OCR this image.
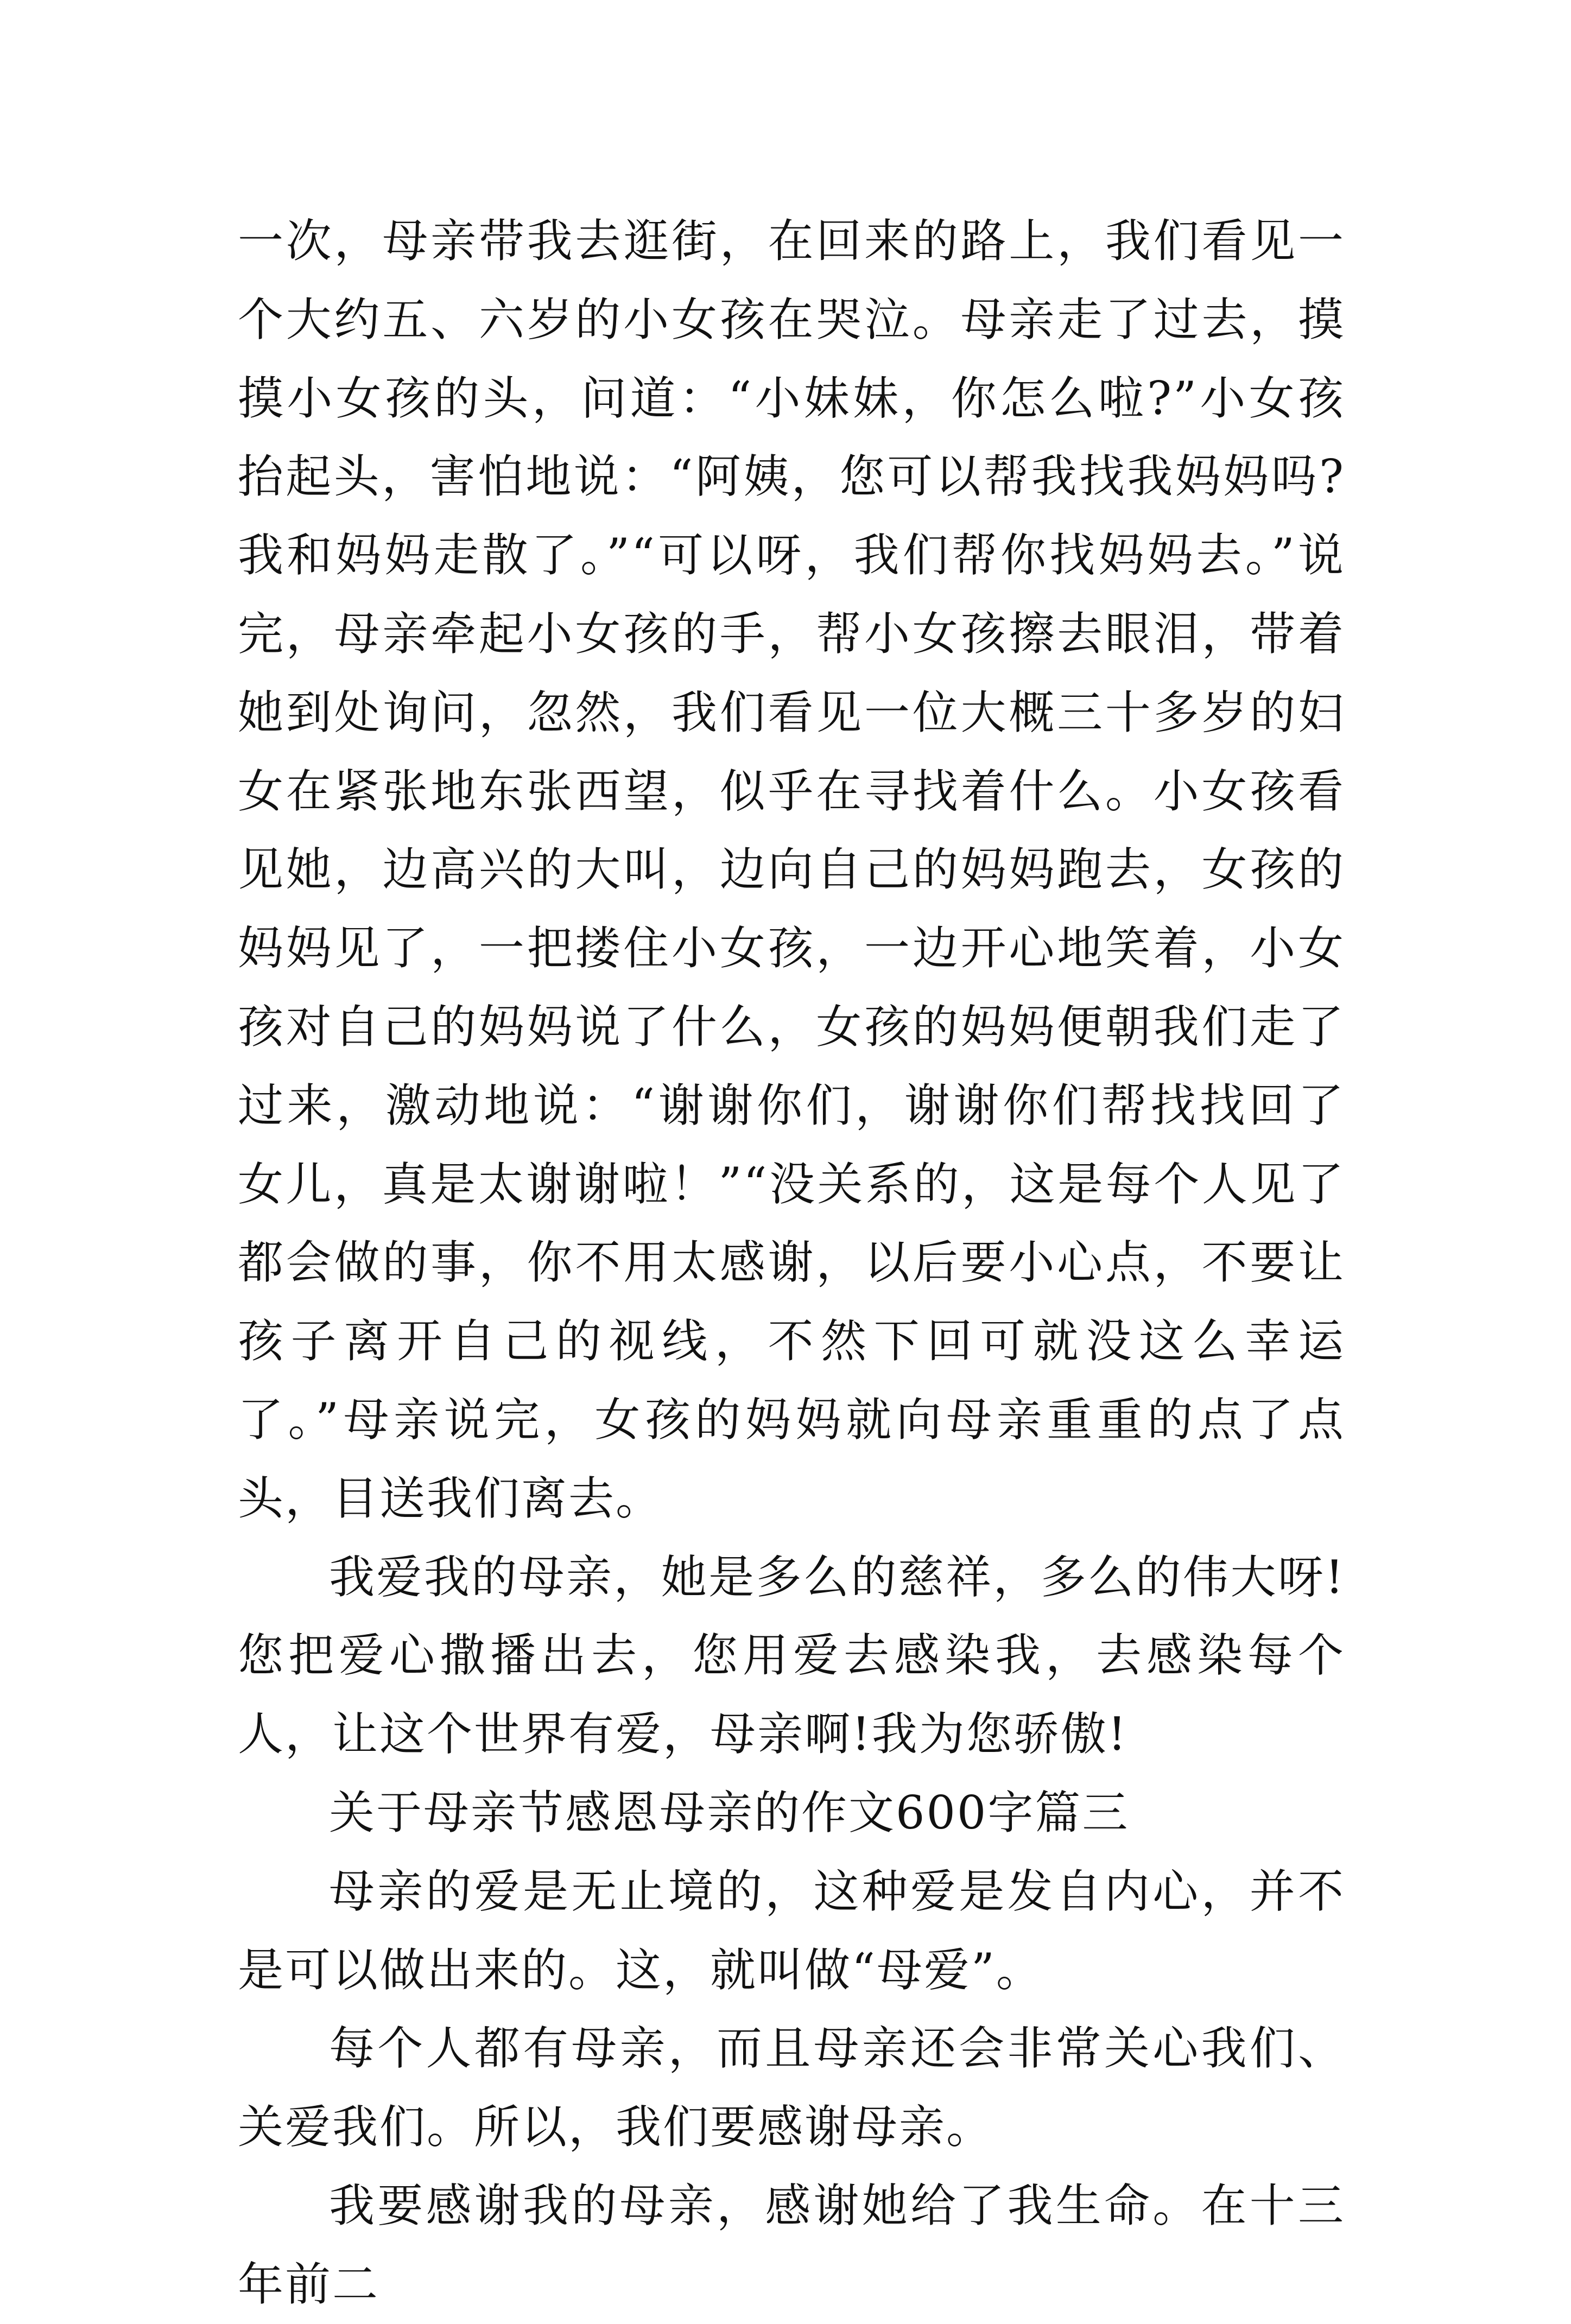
一次，母亲带我去逛街，在回来的路上，我们看见一个大约五、六岁的小女孩在哭泣。母亲走了过去，摸摸小女孩的头，问道：“小妹妹，你怎么啦?”小女孩抬起头，害怕地说：“阿姨，您可以帮我找我妈妈吗?我和妈妈走散了。”“可以呀，我们帮你找妈妈去。”说完，母亲牵起小女孩的手，帮小女孩擦去眼泪，带着她到处询问，忽然，我们看见一位大概三十多岁的妇女在紧张地东张西望，似乎在寻找着什么。小女孩看见她，边高兴的大叫，边向自己的妈妈跑去，女孩的妈妈见了，一把搂住小女孩，一边开心地笑着，小女孩对自己的妈妈说了什么，女孩的妈妈便朝我们走了过来，激动地说：“谢谢你们，谢谢你们帮找找回了女儿，真是太谢谢啦！”“没关系的，这是每个人见了都会做的事，你不用太感谢，以后要小心点，不要让孩子离开自己的视线，不然下回可就没这么幸运了。”母亲说完，女孩的妈妈就向母亲重重的点了点头，目送我们离去。

我爱我的母亲，她是多么的慈祥，多么的伟大呀!您把爱心撒播出去，您用爱去感染我，去感染每个人，让这个世界有爱，母亲啊!我为您骄傲!

关于母亲节感恩母亲的作文600字篇三

母亲的爱是无止境的，这种爱是发自内心，并不是可以做出来的。这，就叫做“母爱”。

每个人都有母亲，而且母亲还会非常关心我们、关爱我们。所以，我们要感谢母亲。

我要感谢我的母亲，感谢她给了我生命。在十三年前二
